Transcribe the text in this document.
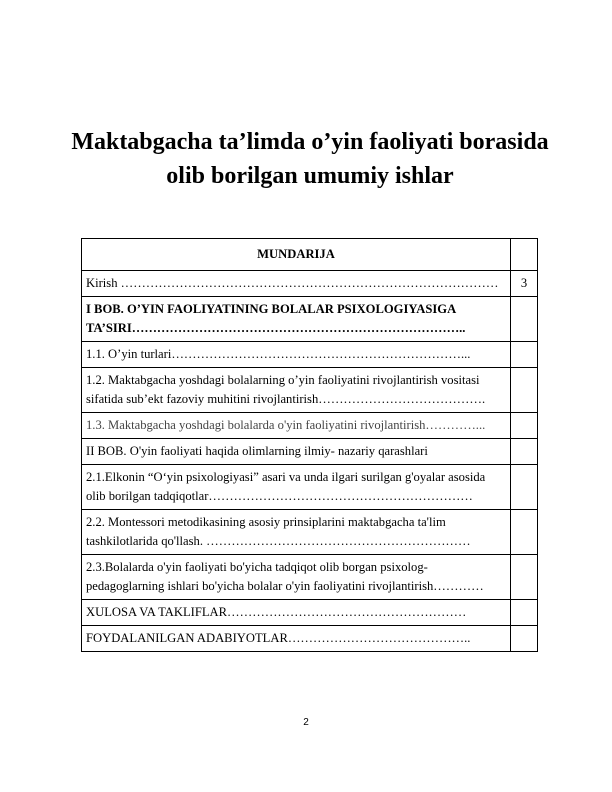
Maktabgacha ta’limda o’yin faoliyati borasida
olib borilgan umumiy ishlar
MUNDARIJA	
Kirish ………………………………………………………………………………	3
I BOB. O’YIN FAOLIYATINING BOLALAR PSIXOLOGIYASIGA TA’SIRI……………………………………………………………………..	
1.1. O’yin turlari……………………………………………………………...	
1.2. Maktabgacha yoshdagi bolalarning o’yin faoliyatini rivojlantirish vositasi sifatida sub’ekt fazoviy muhitini rivojlantirish………………………………….	
1.3. Maktabgacha yoshdagi bolalarda o'yin faoliyatini rivojlantirish…………...	
II BOB. O'yin faoliyati haqida olimlarning ilmiy- nazariy qarashlari	
2.1.Elkonin “O‘yin psixologiyasi” asari va unda ilgari surilgan g'oyalar asosida olib borilgan tadqiqotlar………………………………………………………	
2.2. Montessori metodikasining asosiy prinsiplarini maktabgacha ta'lim tashkilotlarida qo'llash. ………………………………………………………	
2.3.Bolalarda o'yin faoliyati bo'yicha tadqiqot olib borgan psixolog-pedagoglarning ishlari bo'yicha bolalar o'yin faoliyatini rivojlantirish…………	
XULOSA VA TAKLIFLAR…………………………………………………	
FOYDALANILGAN ADABIYOTLAR……………………………………..	
2
